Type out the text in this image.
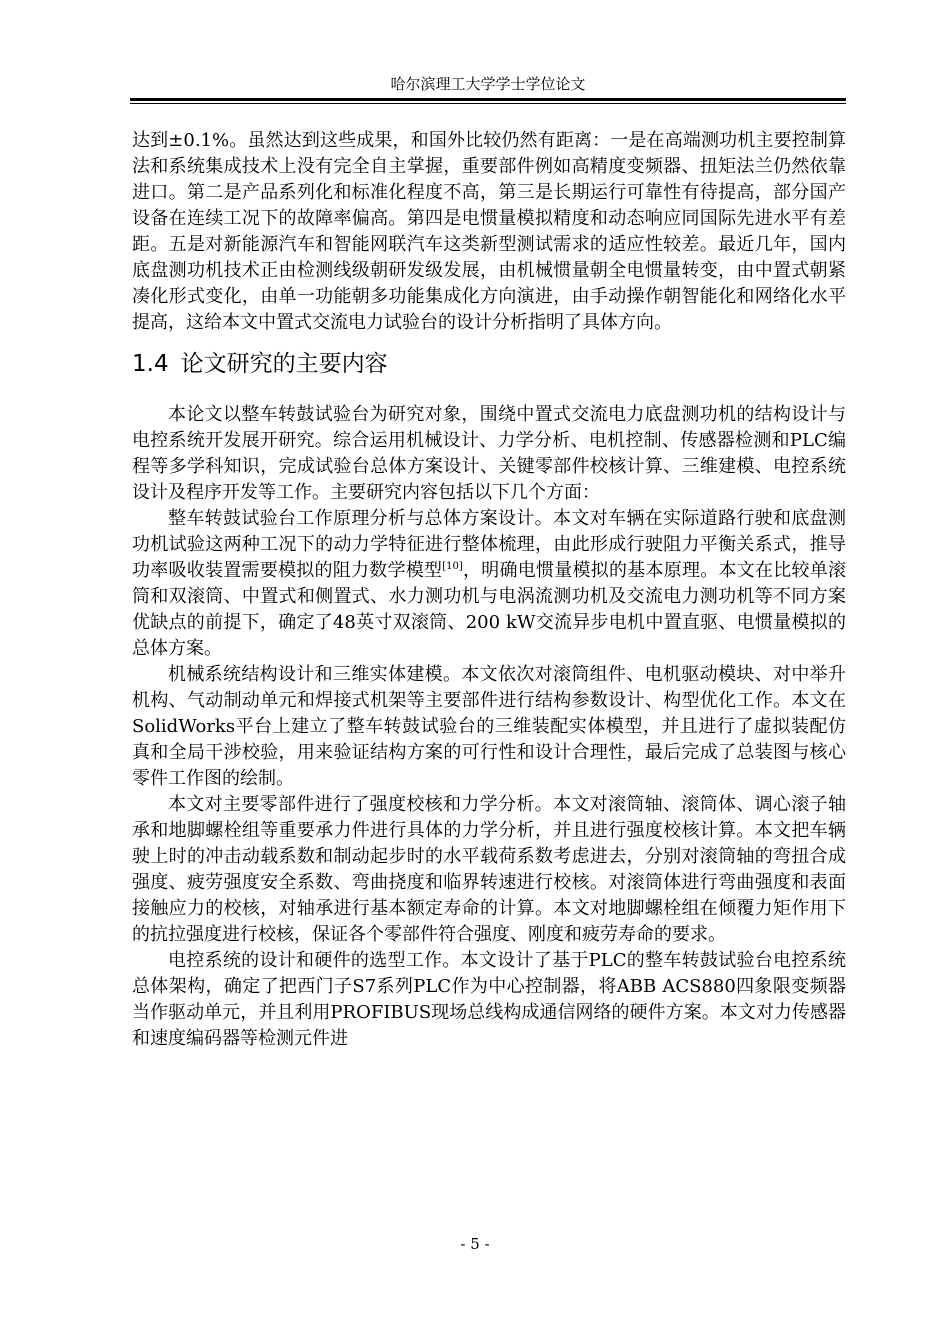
哈尔滨理工大学学士学位论文

达到±0.1%。虽然达到这些成果，和国外比较仍然有距离：一是在高端测功机主要控制算法和系统集成技术上没有完全自主掌握，重要部件例如高精度变频器、扭矩法兰仍然依靠进口。第二是产品系列化和标准化程度不高，第三是长期运行可靠性有待提高，部分国产设备在连续工况下的故障率偏高。第四是电惯量模拟精度和动态响应同国际先进水平有差距。五是对新能源汽车和智能网联汽车这类新型测试需求的适应性较差。最近几年，国内底盘测功机技术正由检测线级朝研发级发展，由机械惯量朝全电惯量转变，由中置式朝紧凑化形式变化，由单一功能朝多功能集成化方向演进，由手动操作朝智能化和网络化水平提高，这给本文中置式交流电力试验台的设计分析指明了具体方向。

1.4 论文研究的主要内容

本论文以整车转鼓试验台为研究对象，围绕中置式交流电力底盘测功机的结构设计与电控系统开发展开研究。综合运用机械设计、力学分析、电机控制、传感器检测和PLC编程等多学科知识，完成试验台总体方案设计、关键零部件校核计算、三维建模、电控系统设计及程序开发等工作。主要研究内容包括以下几个方面：

整车转鼓试验台工作原理分析与总体方案设计。本文对车辆在实际道路行驶和底盘测功机试验这两种工况下的动力学特征进行整体梳理，由此形成行驶阻力平衡关系式，推导功率吸收装置需要模拟的阻力数学模型[10]，明确电惯量模拟的基本原理。本文在比较单滚筒和双滚筒、中置式和侧置式、水力测功机与电涡流测功机及交流电力测功机等不同方案优缺点的前提下，确定了48英寸双滚筒、200 kW交流异步电机中置直驱、电惯量模拟的总体方案。

机械系统结构设计和三维实体建模。本文依次对滚筒组件、电机驱动模块、对中举升机构、气动制动单元和焊接式机架等主要部件进行结构参数设计、构型优化工作。本文在SolidWorks平台上建立了整车转鼓试验台的三维装配实体模型，并且进行了虚拟装配仿真和全局干涉校验，用来验证结构方案的可行性和设计合理性，最后完成了总装图与核心零件工作图的绘制。

本文对主要零部件进行了强度校核和力学分析。本文对滚筒轴、滚筒体、调心滚子轴承和地脚螺栓组等重要承力件进行具体的力学分析，并且进行强度校核计算。本文把车辆驶上时的冲击动载系数和制动起步时的水平载荷系数考虑进去，分别对滚筒轴的弯扭合成强度、疲劳强度安全系数、弯曲挠度和临界转速进行校核。对滚筒体进行弯曲强度和表面接触应力的校核，对轴承进行基本额定寿命的计算。本文对地脚螺栓组在倾覆力矩作用下的抗拉强度进行校核，保证各个零部件符合强度、刚度和疲劳寿命的要求。

电控系统的设计和硬件的选型工作。本文设计了基于PLC的整车转鼓试验台电控系统总体架构，确定了把西门子S7系列PLC作为中心控制器，将ABB ACS880四象限变频器当作驱动单元，并且利用PROFIBUS现场总线构成通信网络的硬件方案。本文对力传感器和速度编码器等检测元件进

- 5 -
